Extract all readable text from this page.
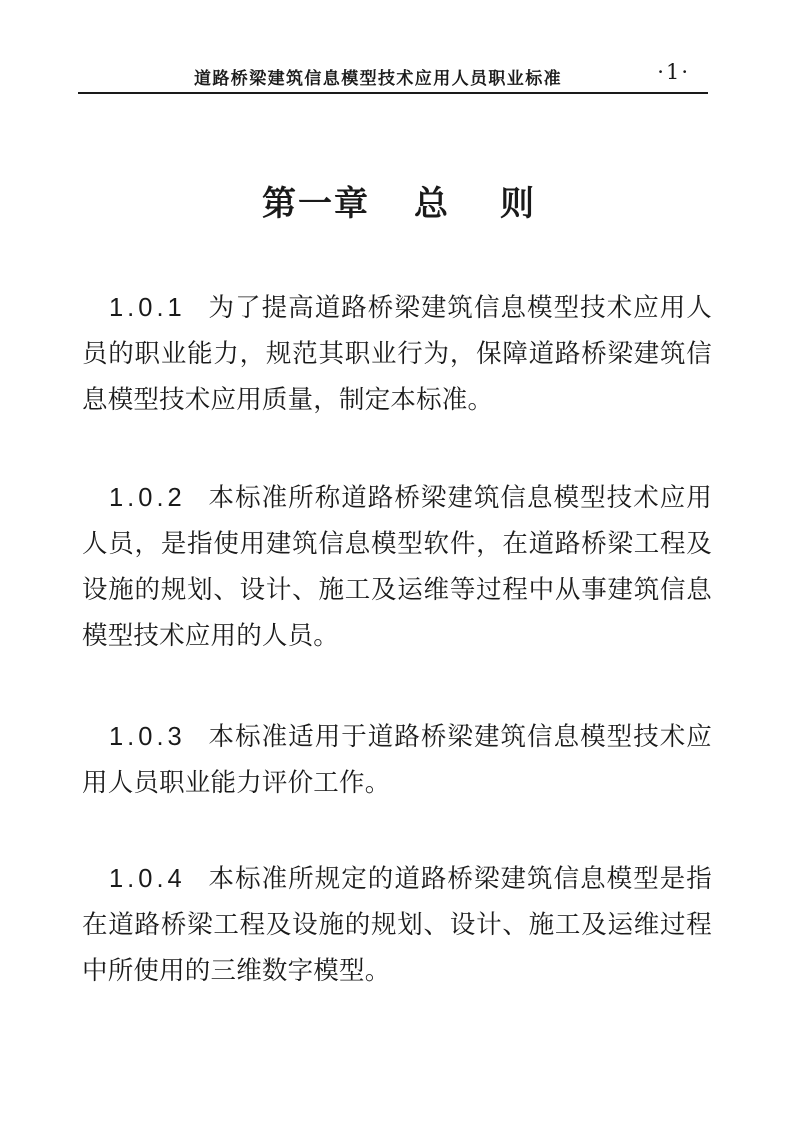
道路桥梁建筑信息模型技术应用人员职业标准	·1·
第一章 总 则

1.0.1 为了提高道路桥梁建筑信息模型技术应用人员的职业能力，规范其职业行为，保障道路桥梁建筑信息模型技术应用质量，制定本标准。

1.0.2 本标准所称道路桥梁建筑信息模型技术应用人员，是指使用建筑信息模型软件，在道路桥梁工程及设施的规划、设计、施工及运维等过程中从事建筑信息模型技术应用的人员。

1.0.3 本标准适用于道路桥梁建筑信息模型技术应用人员职业能力评价工作。

1.0.4 本标准所规定的道路桥梁建筑信息模型是指在道路桥梁工程及设施的规划、设计、施工及运维过程中所使用的三维数字模型。
